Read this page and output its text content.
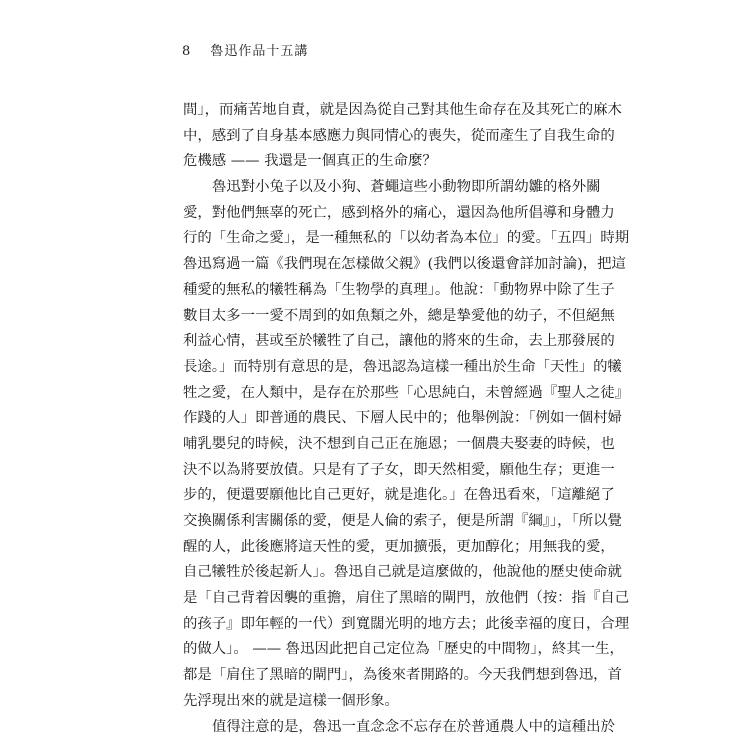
8 魯迅作品十五講
間」，而痛苦地自責，就是因為從自己對其他生命存在及其死亡的麻木
中，感到了自身基本感應力與同情心的喪失，從而產生了自我生命的
危機感 —— 我還是一個真正的生命麼？
魯迅對小兔子以及小狗、蒼蠅這些小動物即所謂幼雛的格外關
愛，對他們無辜的死亡，感到格外的痛心，還因為他所倡導和身體力
行的「生命之愛」，是一種無私的「以幼者為本位」的愛。「五四」時期
魯迅寫過一篇《我們現在怎樣做父親》(我們以後還會詳加討論)，把這
種愛的無私的犧牲稱為「生物學的真理」。他說：「動物界中除了生子
數目太多一一愛不周到的如魚類之外，總是摯愛他的幼子，不但絕無
利益心情，甚或至於犧牲了自己，讓他的將來的生命，去上那發展的
長途。」而特別有意思的是，魯迅認為這樣一種出於生命「天性」的犧
牲之愛，在人類中，是存在於那些「心思純白，未曾經過『聖人之徒』
作踐的人」即普通的農民、下層人民中的；他舉例說：「例如一個村婦
哺乳嬰兒的時候，決不想到自己正在施恩；一個農夫娶妻的時候，也
決不以為將要放債。只是有了子女，即天然相愛，願他生存；更進一
步的，便還要願他比自己更好，就是進化。」在魯迅看來，「這離絕了
交換關係利害關係的愛，便是人倫的索子，便是所謂『綱』」，「所以覺
醒的人，此後應將這天性的愛，更加擴張，更加醇化；用無我的愛，
自己犧牲於後起新人」。魯迅自己就是這麼做的，他說他的歷史使命就
是「自己背着因襲的重擔，肩住了黑暗的閘門，放他們（按：指『自己
的孩子』即年輕的一代）到寬闊光明的地方去；此後幸福的度日，合理
的做人」。 —— 魯迅因此把自己定位為「歷史的中間物」，終其一生，
都是「肩住了黑暗的閘門」，為後來者開路的。今天我們想到魯迅，首
先浮現出來的就是這樣一個形象。
值得注意的是，魯迅一直念念不忘存在於普通農人中的這種出於
